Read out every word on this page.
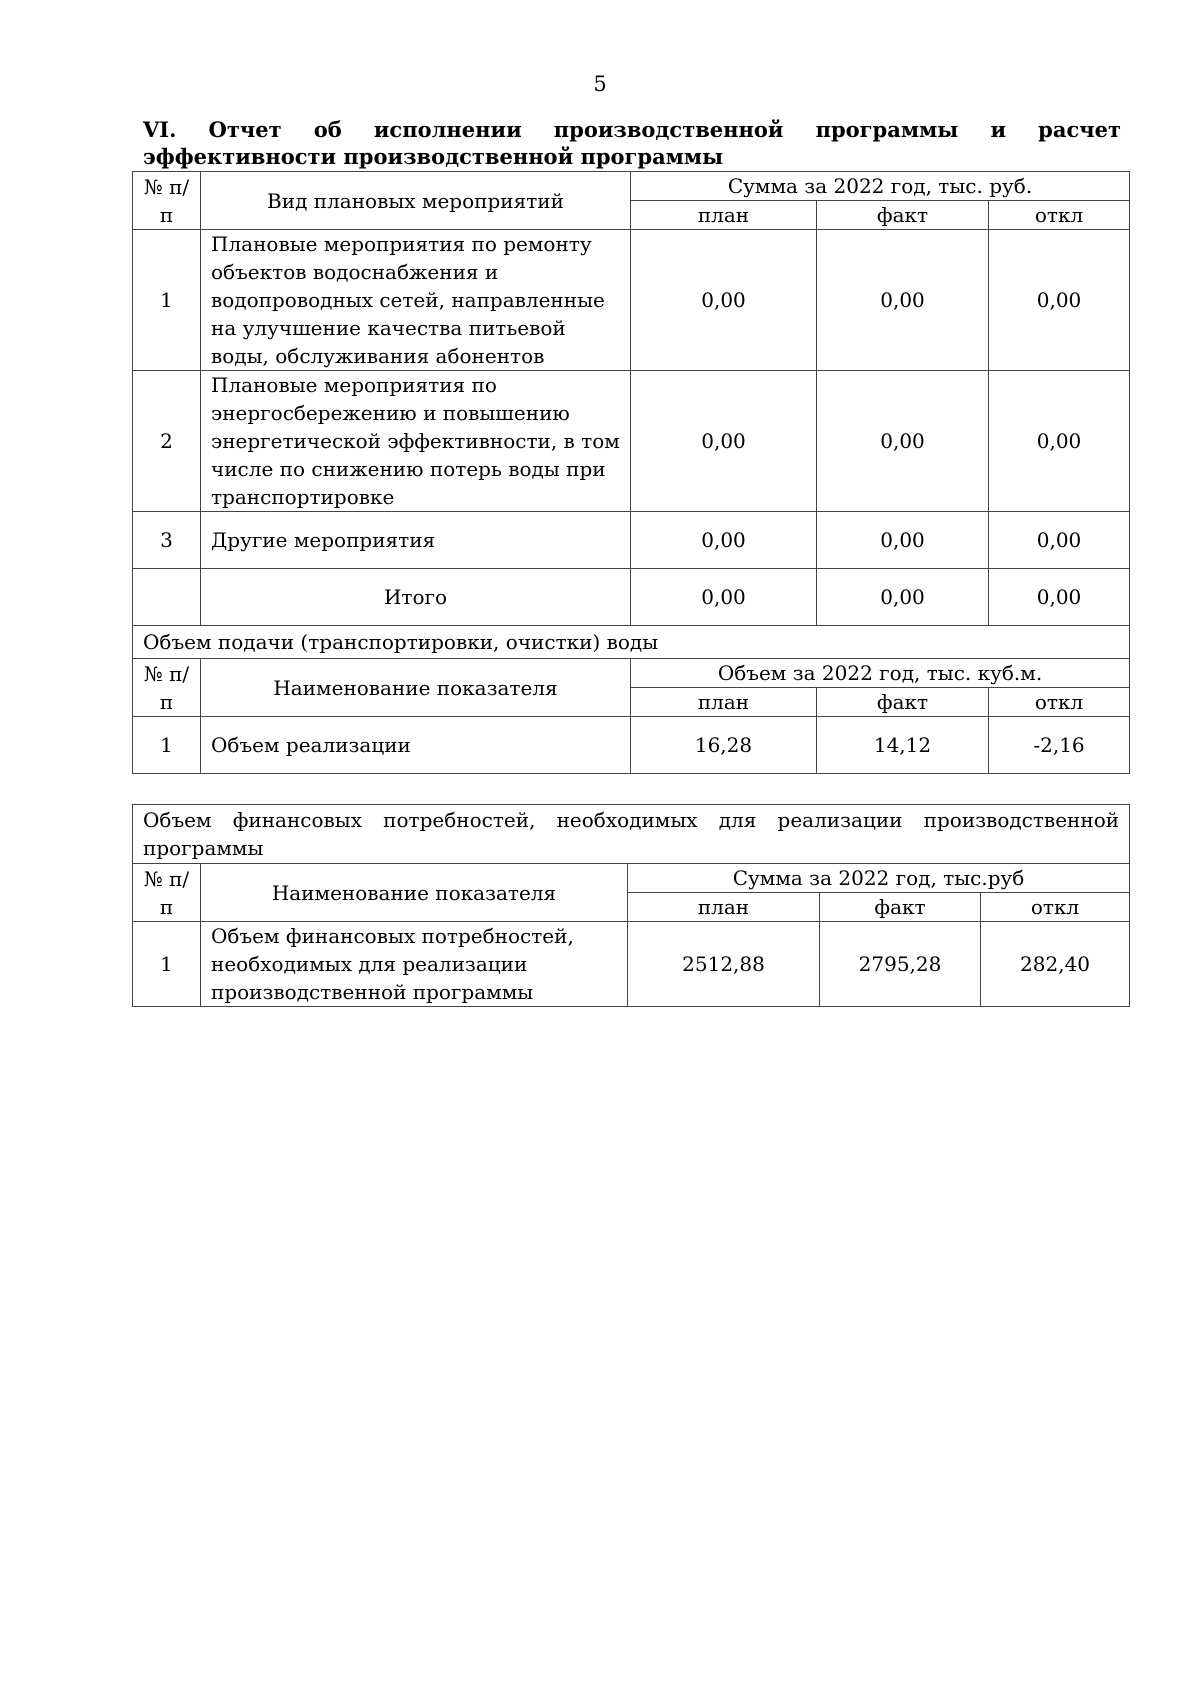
5
VI. Отчет об исполнении производственной программы и расчет эффективности производственной программы
№ п/п	Вид плановых мероприятий	Сумма за 2022 год, тыс. руб.		
		план	факт	откл
1	Плановые мероприятия по ремонту объектов водоснабжения и водопроводных сетей, направленные на улучшение качества питьевой воды, обслуживания абонентов	0,00	0,00	0,00
2	Плановые мероприятия по энергосбережению и повышению энергетической эффективности, в том числе по снижению потерь воды при транспортировке	0,00	0,00	0,00
3	Другие мероприятия	0,00	0,00	0,00
	Итого	0,00	0,00	0,00
Объем подачи (транспортировки, очистки) воды				
№ п/п	Наименование показателя	Объем за 2022 год, тыс. куб.м.		
		план	факт	откл
1	Объем реализации	16,28	14,12	-2,16
Объем финансовых потребностей, необходимых для реализации производственной программы				

№ п/п	Наименование показателя	Сумма за 2022 год, тыс.руб		
		план	факт	откл
1	Объем финансовых потребностей, необходимых для реализации производственной программы	2512,88	2795,28	282,40
